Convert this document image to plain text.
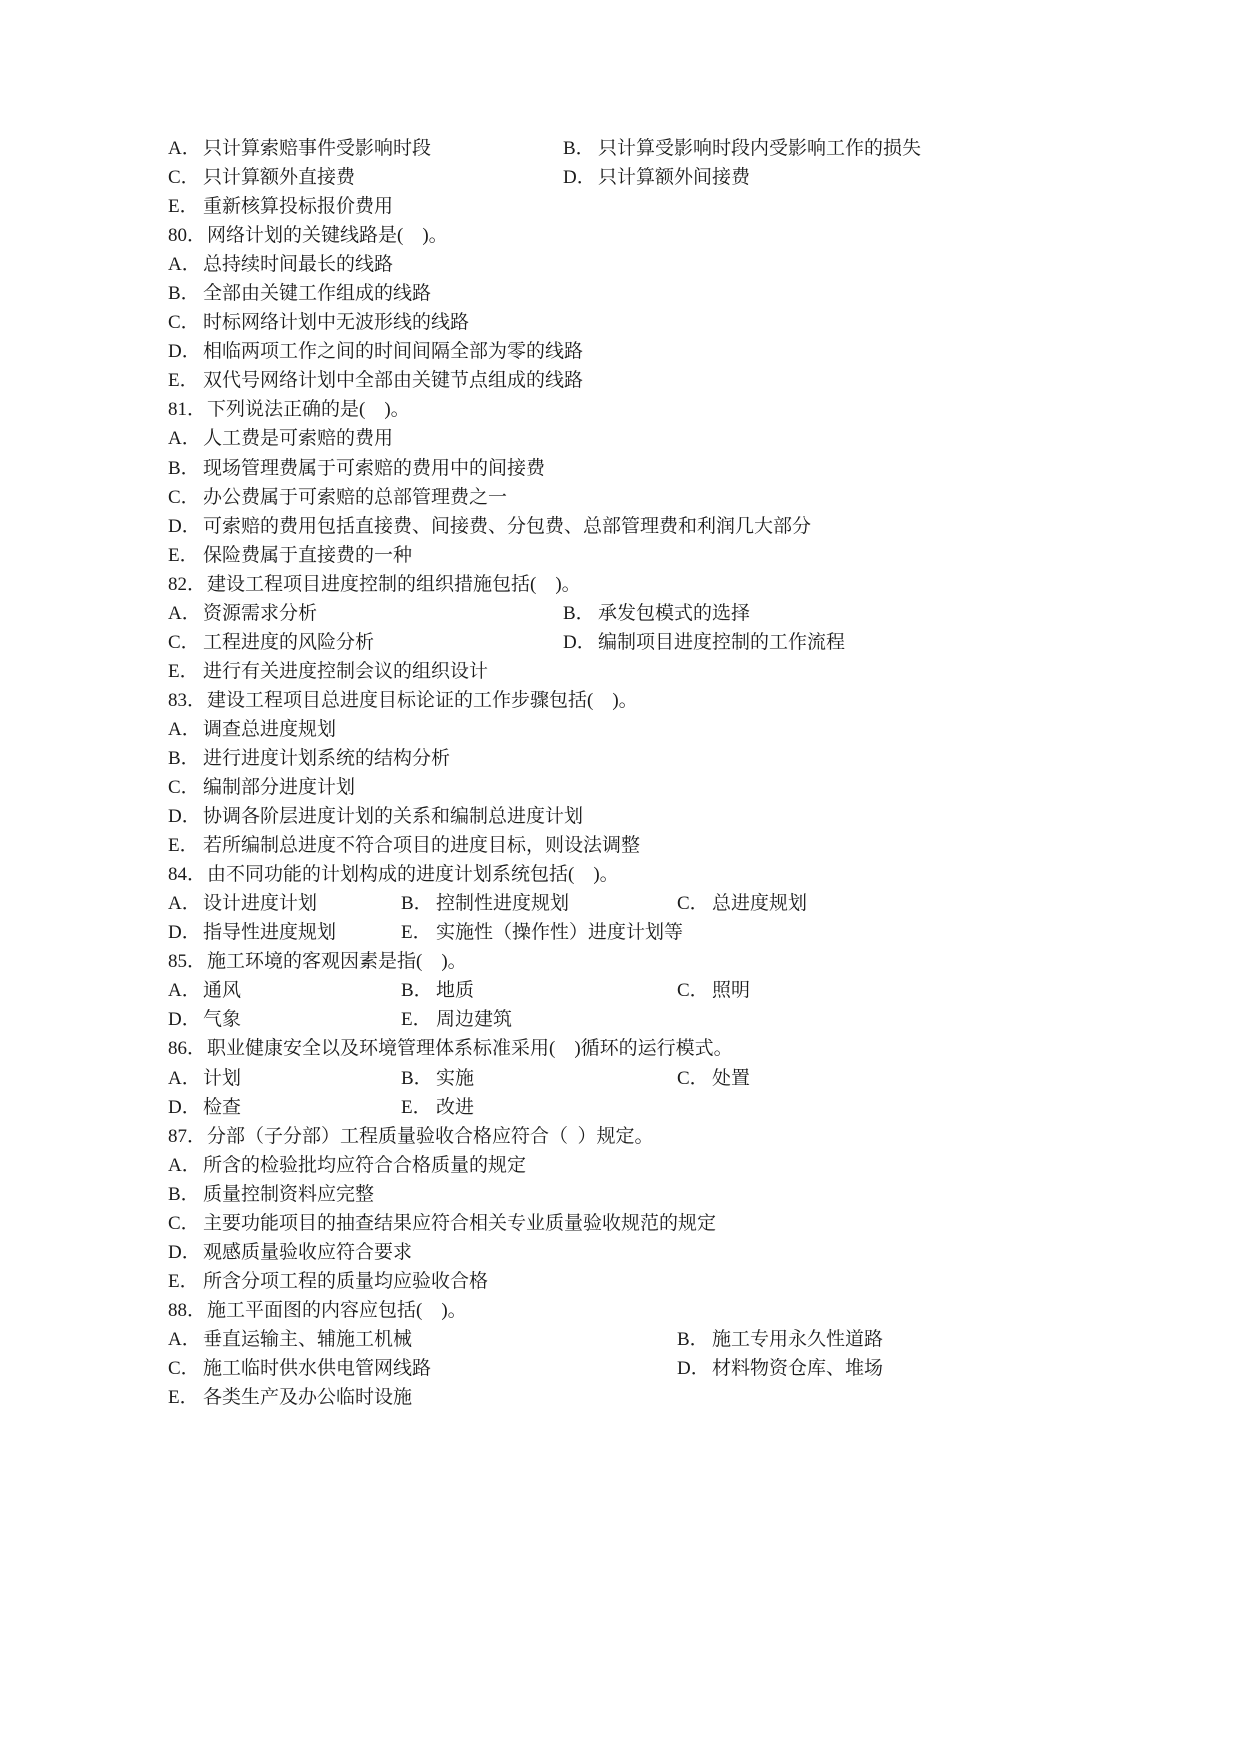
A． 只计算索赔事件受影响时段

	B． 只计算受影响时段内受影响工作的损失

C． 只计算额外直接费

	D． 只计算额外间接费

E． 重新核算投标报价费用

80．网络计划的关键线路是(    )。
A． 总持续时间最长的线路
B． 全部由关键工作组成的线路
C． 时标网络计划中无波形线的线路
D． 相临两项工作之间的时间间隔全部为零的线路
E． 双代号网络计划中全部由关键节点组成的线路
81．下列说法正确的是(    )。
A． 人工费是可索赔的费用
B． 现场管理费属于可索赔的费用中的间接费
C． 办公费属于可索赔的总部管理费之一
D． 可索赔的费用包括直接费、间接费、分包费、总部管理费和利润几大部分
E． 保险费属于直接费的一种
82．建设工程项目进度控制的组织措施包括(    )。

A． 资源需求分析

	B． 承发包模式的选择

C． 工程进度的风险分析

	D． 编制项目进度控制的工作流程

E． 进行有关进度控制会议的组织设计
83．建设工程项目总进度目标论证的工作步骤包括(    )。
A． 调查总进度规划
B． 进行进度计划系统的结构分析
C． 编制部分进度计划
D． 协调各阶层进度计划的关系和编制总进度计划
E． 若所编制总进度不符合项目的进度目标，则设法调整
84．由不同功能的计划构成的进度计划系统包括(    )。

A． 设计进度计划

	B． 控制性进度规划

	C． 总进度规划

D． 指导性进度规划

	E． 实施性（操作性）进度计划等

85．施工环境的客观因素是指(    )。

A． 通风

	B． 地质

	C． 照明

D． 气象

	E． 周边建筑

86．职业健康安全以及环境管理体系标准采用(    )循环的运行模式。

A． 计划

	B． 实施

	C． 处置

D． 检查

	E． 改进

87．分部（子分部）工程质量验收合格应符合（  ）规定。
A． 所含的检验批均应符合合格质量的规定
B． 质量控制资料应完整
C． 主要功能项目的抽查结果应符合相关专业质量验收规范的规定
D． 观感质量验收应符合要求
E． 所含分项工程的质量均应验收合格
88．施工平面图的内容应包括(    )。

A． 垂直运输主、辅施工机械

	B． 施工专用永久性道路

C． 施工临时供水供电管网线路

	D． 材料物资仓库、堆场

E． 各类生产及办公临时设施
